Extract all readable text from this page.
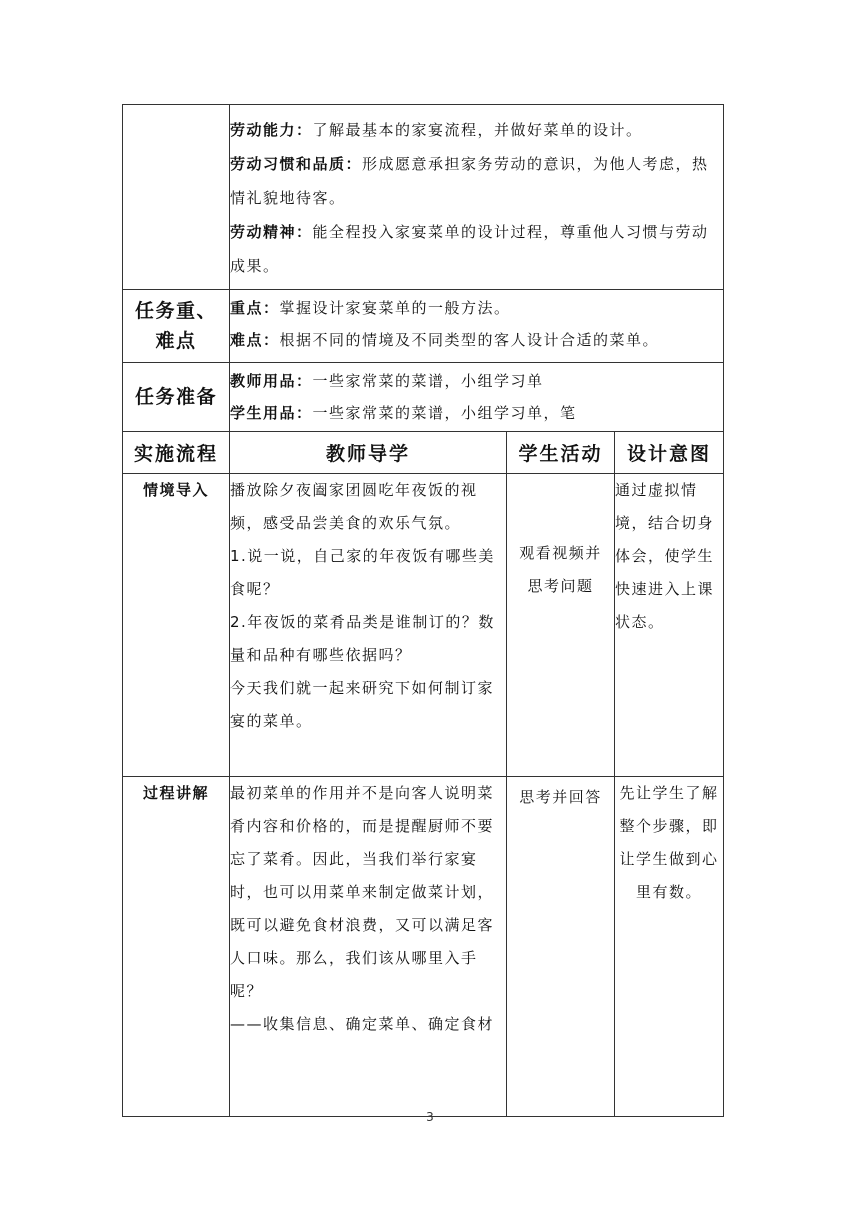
	劳动能力：了解最基本的家宴流程，并做好菜单的设计。

劳动习惯和品质：形成愿意承担家务劳动的意识，为他人考虑，热情礼貌地待客。

劳动精神：能全程投入家宴菜单的设计过程，尊重他人习惯与劳动成果。		

任务重、难点	重点：掌握设计家宴菜单的一般方法。

难点：根据不同的情境及不同类型的客人设计合适的菜单。		

任务准备	教师用品：一些家常菜的菜谱，小组学习单

学生用品：一些家常菜的菜谱，小组学习单，笔		

实施流程	教师导学	学生活动	设计意图
情境导入	播放除夕夜阖家团圆吃年夜饭的视频，感受品尝美食的欢乐气氛。

1.说一说，自己家的年夜饭有哪些美食呢？

2.年夜饭的菜肴品类是谁制订的？数量和品种有哪些依据吗？

今天我们就一起来研究下如何制订家宴的菜单。	观看视频并思考问题	通过虚拟情境，结合切身体会，使学生快速进入上课状态。
过程讲解	最初菜单的作用并不是向客人说明菜肴内容和价格的，而是提醒厨师不要忘了菜肴。因此，当我们举行家宴时，也可以用菜单来制定做菜计划，既可以避免食材浪费，又可以满足客人口味。那么，我们该从哪里入手呢？

——收集信息、确定菜单、确定食材	思考并回答	先让学生了解整个步骤，即让学生做到心里有数。
3
